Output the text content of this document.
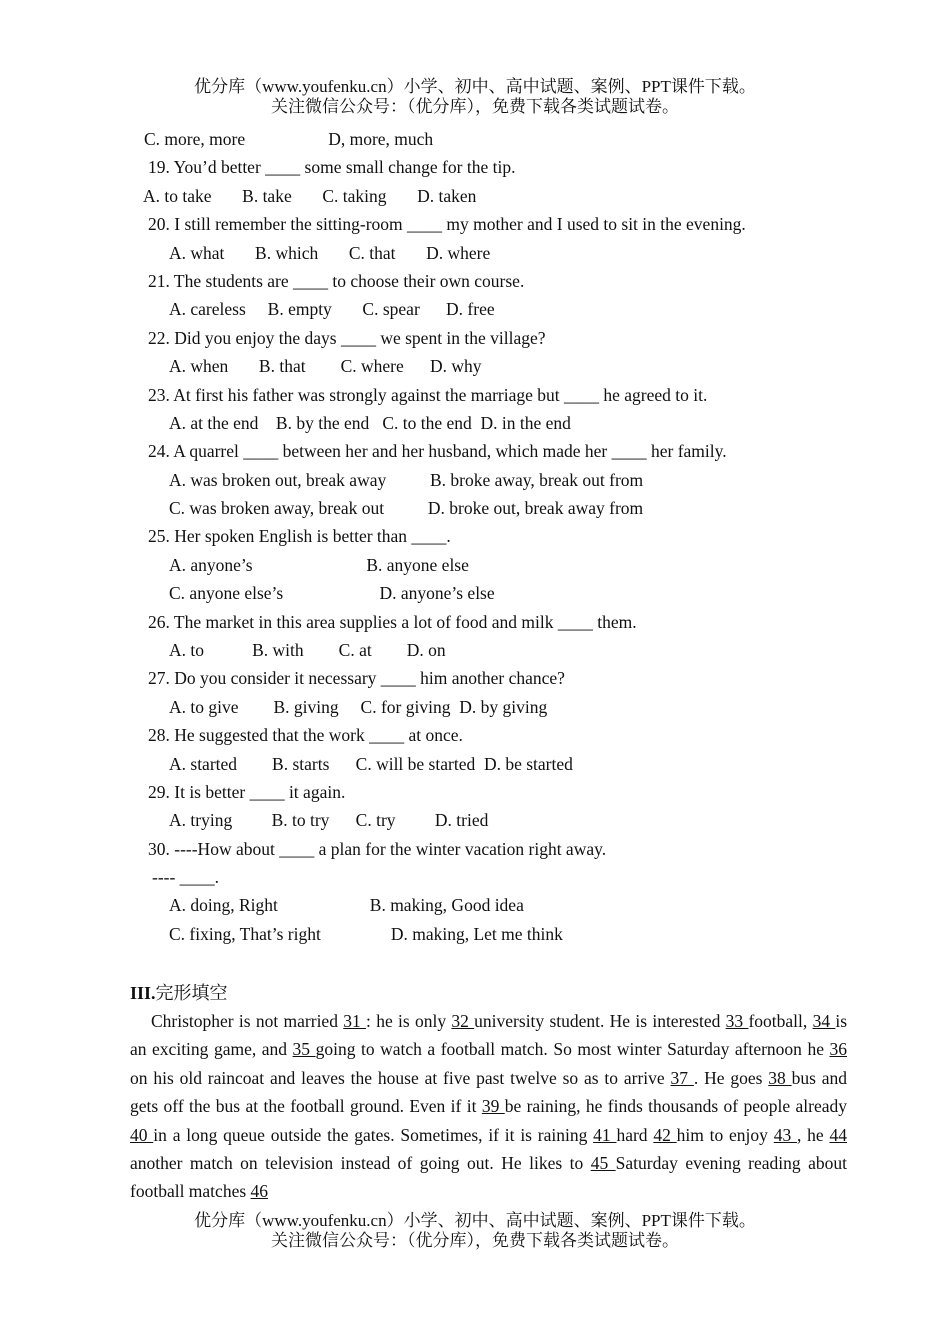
优分库（www.youfenku.cn）小学、初中、高中试题、案例、PPT课件下载。
关注微信公众号：（优分库），免费下载各类试题试卷。
C. more, more                   D, more, much
19. You’d better ____ some small change for the tip.
A. to take       B. take       C. taking       D. taken
20. I still remember the sitting-room ____ my mother and I used to sit in the evening.
A. what       B. which       C. that       D. where
21. The students are ____ to choose their own course.
A. careless     B. empty       C. spear      D. free
22. Did you enjoy the days ____ we spent in the village?
A. when       B. that        C. where      D. why
23. At first his father was strongly against the marriage but ____ he agreed to it.
A. at the end    B. by the end   C. to the end  D. in the end
24. A quarrel ____ between her and her husband, which made her ____ her family.
A. was broken out, break away          B. broke away, break out from
C. was broken away, break out          D. broke out, break away from
25. Her spoken English is better than ____.
A. anyone’s                          B. anyone else
C. anyone else’s                      D. anyone’s else
26. The market in this area supplies a lot of food and milk ____ them.
A. to           B. with        C. at        D. on
27. Do you consider it necessary ____ him another chance?
A. to give        B. giving     C. for giving  D. by giving
28. He suggested that the work ____ at once.
A. started        B. starts      C. will be started  D. be started
29. It is better ____ it again.
A. trying         B. to try      C. try         D. tried
30. ----How about ____ a plan for the winter vacation right away.
---- ____.
A. doing, Right                     B. making, Good idea
C. fixing, That’s right                D. making, Let me think
III.完形填空

Christopher is not married 31 : he is only 32 university student. He is interested 33 football, 34 is an exciting game, and 35 going to watch a football match. So most winter Saturday afternoon he 36 on his old raincoat and leaves the house at five past twelve so as to arrive 37 . He goes 38 bus and gets off the bus at the football ground. Even if it 39 be raining, he finds thousands of people already 40 in a long queue outside the gates. Sometimes, if it is raining 41 hard 42 him to enjoy 43 , he 44 another match on television instead of going out. He likes to 45 Saturday evening reading about football matches 46

优分库（www.youfenku.cn）小学、初中、高中试题、案例、PPT课件下载。
关注微信公众号：（优分库），免费下载各类试题试卷。
